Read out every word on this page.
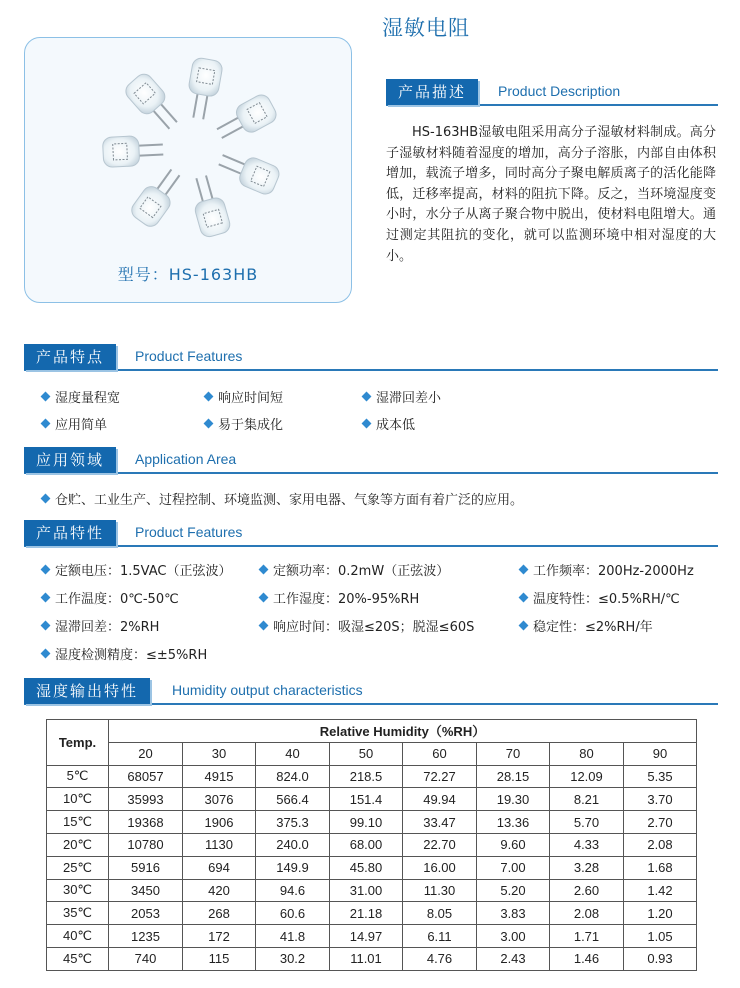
湿敏电阻
型号：HS-163HB
产品描述	Product Description
HS-163HB湿敏电阻采用高分子湿敏材料制成。高分子湿敏材料随着湿度的增加，高分子溶胀，内部自由体积增加，载流子增多，同时高分子聚电解质离子的活化能降低，迁移率提高，材料的阻抗下降。反之，当环境湿度变小时，水分子从离子聚合物中脱出，使材料电阻增大。通过测定其阻抗的变化，就可以监测环境中相对湿度的大小。
产品特点	Product Features
湿度量程宽	响应时间短	湿滞回差小
应用简单	易于集成化	成本低
应用领域	Application Area
仓贮、工业生产、过程控制、环境监测、家用电器、气象等方面有着广泛的应用。
产品特性	Product Features
定额电压：1.5VAC（正弦波）	定额功率：0.2mW（正弦波）	工作频率：200Hz-2000Hz
工作温度：0℃-50℃	工作湿度：20%-95%RH	温度特性：≤0.5%RH/℃
湿滞回差：2%RH	响应时间：吸湿≤20S；脱湿≤60S	稳定性：≤2%RH/年
湿度检测精度：≤±5%RH
湿度输出特性	Humidity output characteristics
Temp.	Relative Humidity（%RH）							
	20	30	40	50	60	70	80	90
5℃	68057	4915	824.0	218.5	72.27	28.15	12.09	5.35
10℃	35993	3076	566.4	151.4	49.94	19.30	8.21	3.70
15℃	19368	1906	375.3	99.10	33.47	13.36	5.70	2.70
20℃	10780	1130	240.0	68.00	22.70	9.60	4.33	2.08
25℃	5916	694	149.9	45.80	16.00	7.00	3.28	1.68
30℃	3450	420	94.6	31.00	11.30	5.20	2.60	1.42
35℃	2053	268	60.6	21.18	8.05	3.83	2.08	1.20
40℃	1235	172	41.8	14.97	6.11	3.00	1.71	1.05
45℃	740	115	30.2	11.01	4.76	2.43	1.46	0.93
